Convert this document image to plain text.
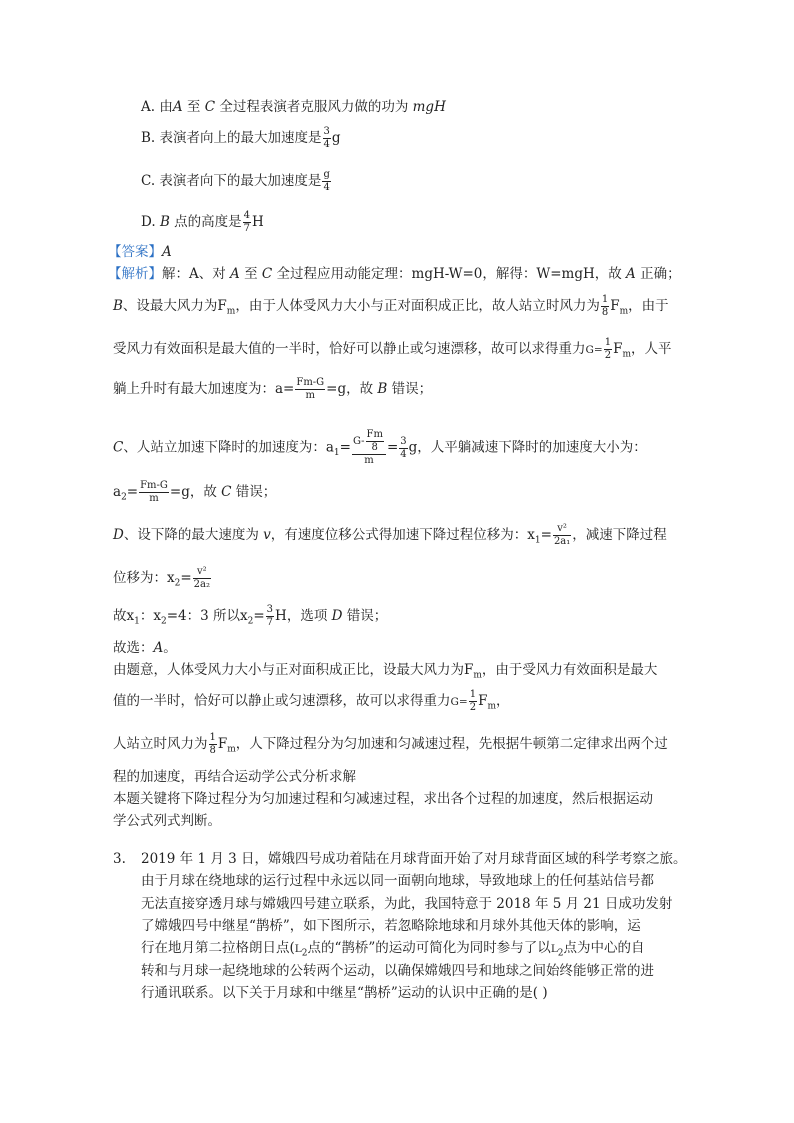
A. 由A 至 C 全过程表演者克服风力做的功为 mgH
B. 表演者向上的最大加速度是 $\frac{3}{4}$ g
C. 表演者向下的最大加速度是 $\frac{g}{4}$
D. B 点的高度是 $\frac{4}{7}$ H
【答案】A
【解析】解：A、对 A 至 C 全过程应用动能定理：mgH-W=0，解得：W=mgH，故 A 正确；
B、设最大风力为$F_m$，由于人体受风力大小与正对面积成正比，故人站立时风力为 $\frac{1}{8} F_m$，由于
受风力有效面积是最大值的一半时，恰好可以静止或匀速漂移，故可以求得重力$G= \frac{1}{2} F_m$，人平
躺上升时有最大加速度为：$a= \frac{Fm-G}{m} =g$，故 B 错误；
C、人站立加速下降时的加速度为：$a_1= \frac{G- \frac{Fm}{8}}{m} = \frac{3}{4}$ g，人平躺减速下降时的加速度大小为：
$a_2= \frac{Fm-G}{m} =g$，故 C 错误；
D、设下降的最大速度为 v，有速度位移公式得加速下降过程位移为：$x_1= \frac{\text{v²}}{\text{2a₁}}$ ，减速下降过程
位移为：$x_2= \frac{\text{v²}}{\text{2a₂}}$
故$x_1$：$x_2=4$：3 所以$x_2= \frac{3}{7}$ H，选项 D 错误；
故选：A。
由题意，人体受风力大小与正对面积成正比，设最大风力为$F_m$，由于受风力有效面积是最大
值的一半时，恰好可以静止或匀速漂移，故可以求得重力$G= \frac{1}{2} F_m$，
人站立时风力为 $\frac{1}{8} F_m$，人下降过程分为匀加速和匀减速过程，先根据牛顿第二定律求出两个过
程的加速度，再结合运动学公式分析求解
本题关键将下降过程分为匀加速过程和匀减速过程，求出各个过程的加速度，然后根据运动
学公式列式判断。
3. 2019 年 1 月 3 日，嫦娥四号成功着陆在月球背面开始了对月球背面区域的科学考察之旅。
由于月球在绕地球的运行过程中永远以同一面朝向地球，导致地球上的任何基站信号都
无法直接穿透月球与嫦娥四号建立联系，为此，我国特意于 2018 年 5 月 21 日成功发射
了嫦娥四号中继星“鹊桥”，如下图所示，若忽略除地球和月球外其他天体的影响，运
行在地月第二拉格朗日点($L_2$点的“鹊桥”的运动可简化为同时参与了以$L_2$点为中心的自
转和与月球一起绕地球的公转两个运动，以确保嫦娥四号和地球之间始终能够正常的进
行通讯联系。以下关于月球和中继星“鹊桥”运动的认识中正确的是( )
